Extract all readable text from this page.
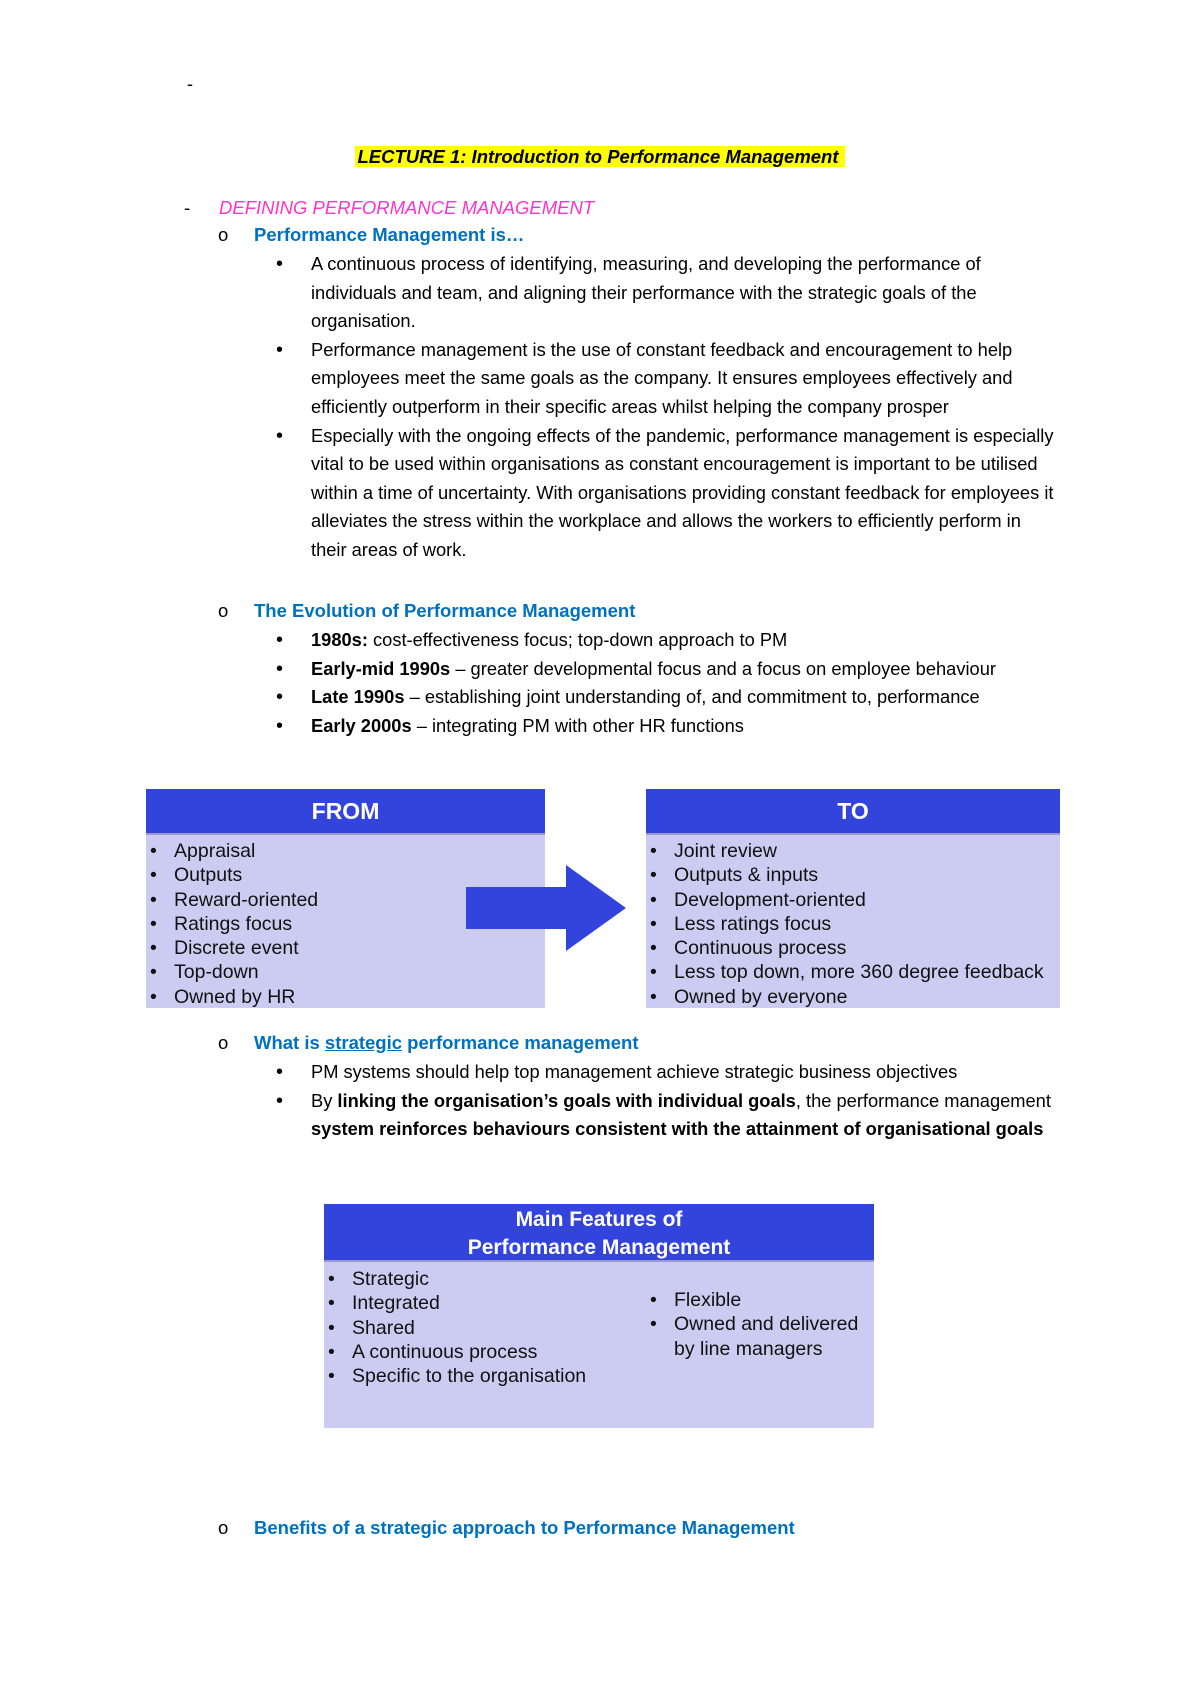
-
LECTURE 1: Introduction to Performance Management
- DEFINING PERFORMANCE MANAGEMENT
o Performance Management is…
• A continuous process of identifying, measuring, and developing the performance of individuals and team, and aligning their performance with the strategic goals of the organisation.
• Performance management is the use of constant feedback and encouragement to help employees meet the same goals as the company. It ensures employees effectively and efficiently outperform in their specific areas whilst helping the company prosper
• Especially with the ongoing effects of the pandemic, performance management is especially vital to be used within organisations as constant encouragement is important to be utilised within a time of uncertainty. With organisations providing constant feedback for employees it alleviates the stress within the workplace and allows the workers to efficiently perform in their areas of work.
o The Evolution of Performance Management
• 1980s: cost-effectiveness focus; top-down approach to PM
• Early-mid 1990s – greater developmental focus and a focus on employee behaviour
• Late 1990s – establishing joint understanding of, and commitment to, performance
• Early 2000s – integrating PM with other HR functions
FROM
• Appraisal
• Outputs
• Reward-oriented
• Ratings focus
• Discrete event
• Top-down
• Owned by HR
TO
• Joint review
• Outputs & inputs
• Development-oriented
• Less ratings focus
• Continuous process
• Less top down, more 360 degree feedback
• Owned by everyone
o What is strategic performance management
• PM systems should help top management achieve strategic business objectives
• By linking the organisation’s goals with individual goals, the performance management system reinforces behaviours consistent with the attainment of organisational goals
Main Features of
Performance Management
• Strategic
• Integrated
• Shared
• A continuous process
• Specific to the organisation
• Flexible
• Owned and delivered by line managers
o Benefits of a strategic approach to Performance Management
